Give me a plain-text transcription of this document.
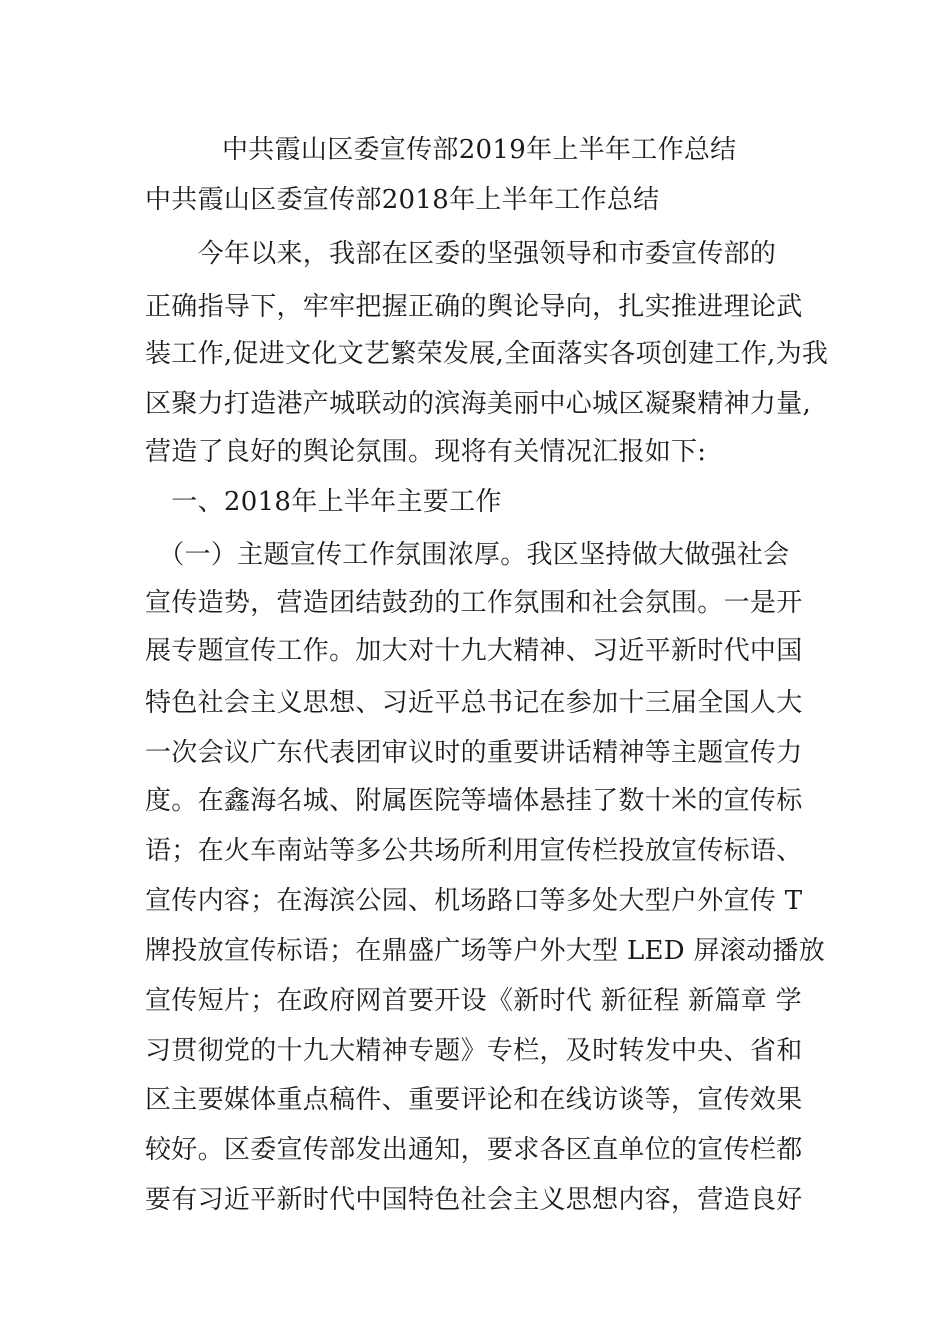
中共霞山区委宣传部2019年上半年工作总结
中共霞山区委宣传部2018年上半年工作总结
　　今年以来，我部在区委的坚强领导和市委宣传部的
正确指导下，牢牢把握正确的舆论导向，扎实推进理论武
装工作,促进文化文艺繁荣发展,全面落实各项创建工作,为我
区聚力打造港产城联动的滨海美丽中心城区凝聚精神力量,
营造了良好的舆论氛围。现将有关情况汇报如下:
　一、2018年上半年主要工作
　（一）主题宣传工作氛围浓厚。我区坚持做大做强社会
宣传造势，营造团结鼓劲的工作氛围和社会氛围。一是开
展专题宣传工作。加大对十九大精神、习近平新时代中国
特色社会主义思想、习近平总书记在参加十三届全国人大
一次会议广东代表团审议时的重要讲话精神等主题宣传力
度。在鑫海名城、附属医院等墙体悬挂了数十米的宣传标
语；在火车南站等多公共场所利用宣传栏投放宣传标语、
宣传内容；在海滨公园、机场路口等多处大型户外宣传 T
牌投放宣传标语；在鼎盛广场等户外大型 LED 屏滚动播放
宣传短片；在政府网首要开设《新时代 新征程 新篇章 学
习贯彻党的十九大精神专题》专栏，及时转发中央、省和
区主要媒体重点稿件、重要评论和在线访谈等，宣传效果
较好。区委宣传部发出通知，要求各区直单位的宣传栏都
要有习近平新时代中国特色社会主义思想内容，营造良好
